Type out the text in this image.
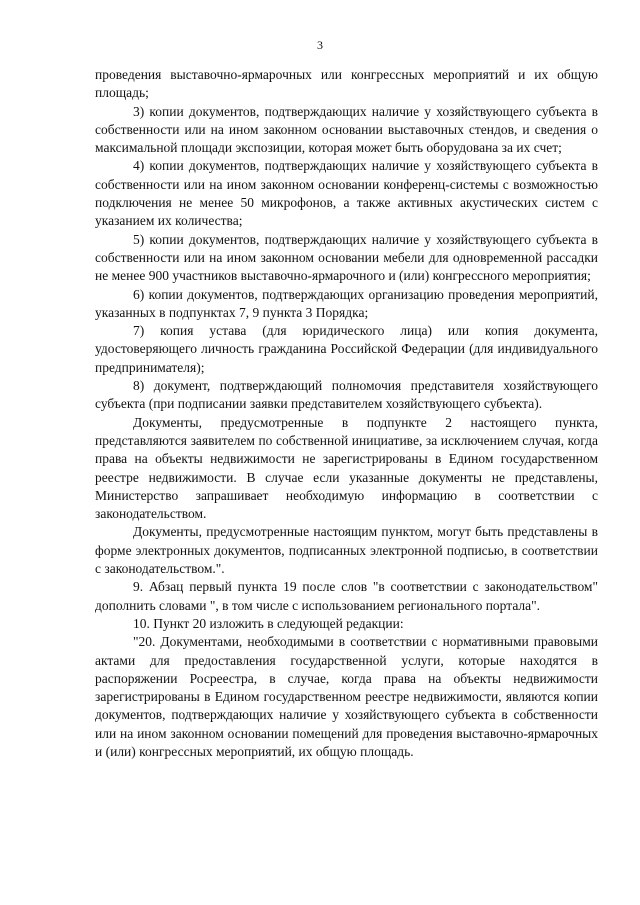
3

проведения выставочно-ярмарочных или конгрессных мероприятий и их общую площадь;

3) копии документов, подтверждающих наличие у хозяйствующего субъекта в собственности или на ином законном основании выставочных стендов, и сведения о максимальной площади экспозиции, которая может быть оборудована за их счет;

4) копии документов, подтверждающих наличие у хозяйствующего субъекта в собственности или на ином законном основании конференц-системы с возможностью подключения не менее 50 микрофонов, а также активных акустических систем с указанием их количества;

5) копии документов, подтверждающих наличие у хозяйствующего субъекта в собственности или на ином законном основании мебели для одновременной рассадки не менее 900 участников выставочно-ярмарочного и (или) конгрессного мероприятия;

6) копии документов, подтверждающих организацию проведения мероприятий, указанных в подпунктах 7, 9 пункта 3 Порядка;

7) копия устава (для юридического лица) или копия документа, удостоверяющего личность гражданина Российской Федерации (для индивидуального предпринимателя);

8) документ, подтверждающий полномочия представителя хозяйствующего субъекта (при подписании заявки представителем хозяйствующего субъекта).

Документы, предусмотренные в подпункте 2 настоящего пункта, представляются заявителем по собственной инициативе, за исключением случая, когда права на объекты недвижимости не зарегистрированы в Едином государственном реестре недвижимости. В случае если указанные документы не представлены, Министерство запрашивает необходимую информацию в соответствии с законодательством.

Документы, предусмотренные настоящим пунктом, могут быть представлены в форме электронных документов, подписанных электронной подписью, в соответствии с законодательством.".

9. Абзац первый пункта 19 после слов "в соответствии с законодательством" дополнить словами ", в том числе с использованием регионального портала".

10. Пункт 20 изложить в следующей редакции:

"20. Документами, необходимыми в соответствии с нормативными правовыми актами для предоставления государственной услуги, которые находятся в распоряжении Росреестра, в случае, когда права на объекты недвижимости зарегистрированы в Едином государственном реестре недвижимости, являются копии документов, подтверждающих наличие у хозяйствующего субъекта в собственности или на ином законном основании помещений для проведения выставочно-ярмарочных и (или) конгрессных мероприятий, их общую площадь.
